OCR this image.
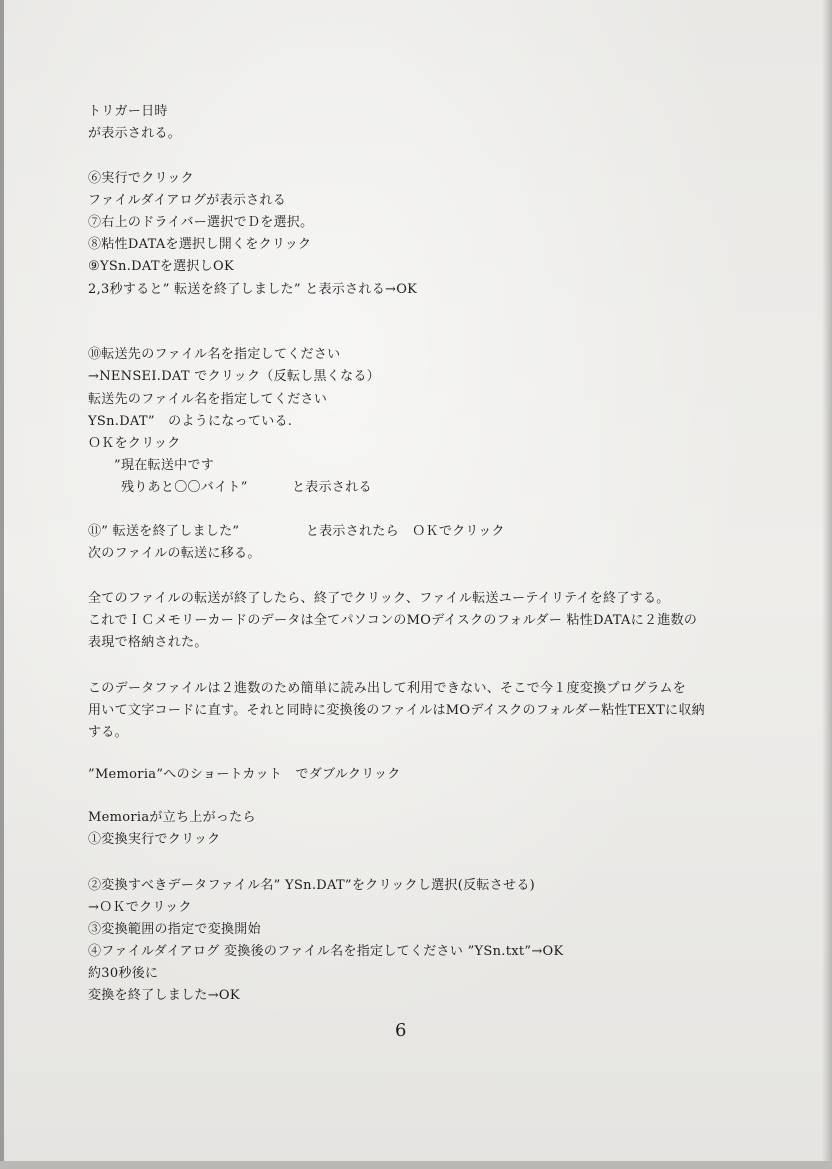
トリガー日時

が表示される。

⑥実行でクリック

ファイルダイアログが表示される

⑦右上のドライバー選択でＤを選択。

⑧粘性DATAを選択し開くをクリック

⑨YSn.DATを選択しOK

2,3秒すると” 転送を終了しました” と表示される→OK

⑩転送先のファイル名を指定してください

→NENSEI.DAT でクリック（反転し黒くなる）

転送先のファイル名を指定してください

YSn.DAT”　のようになっている.

ＯＫをクリック

”現在転送中です

残りあと〇〇バイト”　　　 と表示される

⑪” 転送を終了しました”　　　　　と表示されたら　ＯＫでクリック

次のファイルの転送に移る。

全てのファイルの転送が終了したら、終了でクリック、ファイル転送ユーテイリテイを終了する。

これでＩＣメモリーカードのデータは全てパソコンのMOデイスクのフォルダー 粘性DATAに２進数の

表現で格納された。

このデータファイルは２進数のため簡単に読み出して利用できない、そこで今１度変換プログラムを

用いて文字コードに直す。それと同時に変換後のファイルはMOデイスクのフォルダー粘性TEXTに収納

する。

”Memoria”へのショートカット　でダブルクリック

Memoriaが立ち上がったら

①変換実行でクリック

②変換すべきデータファイル名” YSn.DAT”をクリックし選択(反転させる)

→ＯＫでクリック

③変換範囲の指定で変換開始

④ファイルダイアログ 変換後のファイル名を指定してください ”YSn.txt”→OK

約30秒後に

変換を終了しました→OK

6
